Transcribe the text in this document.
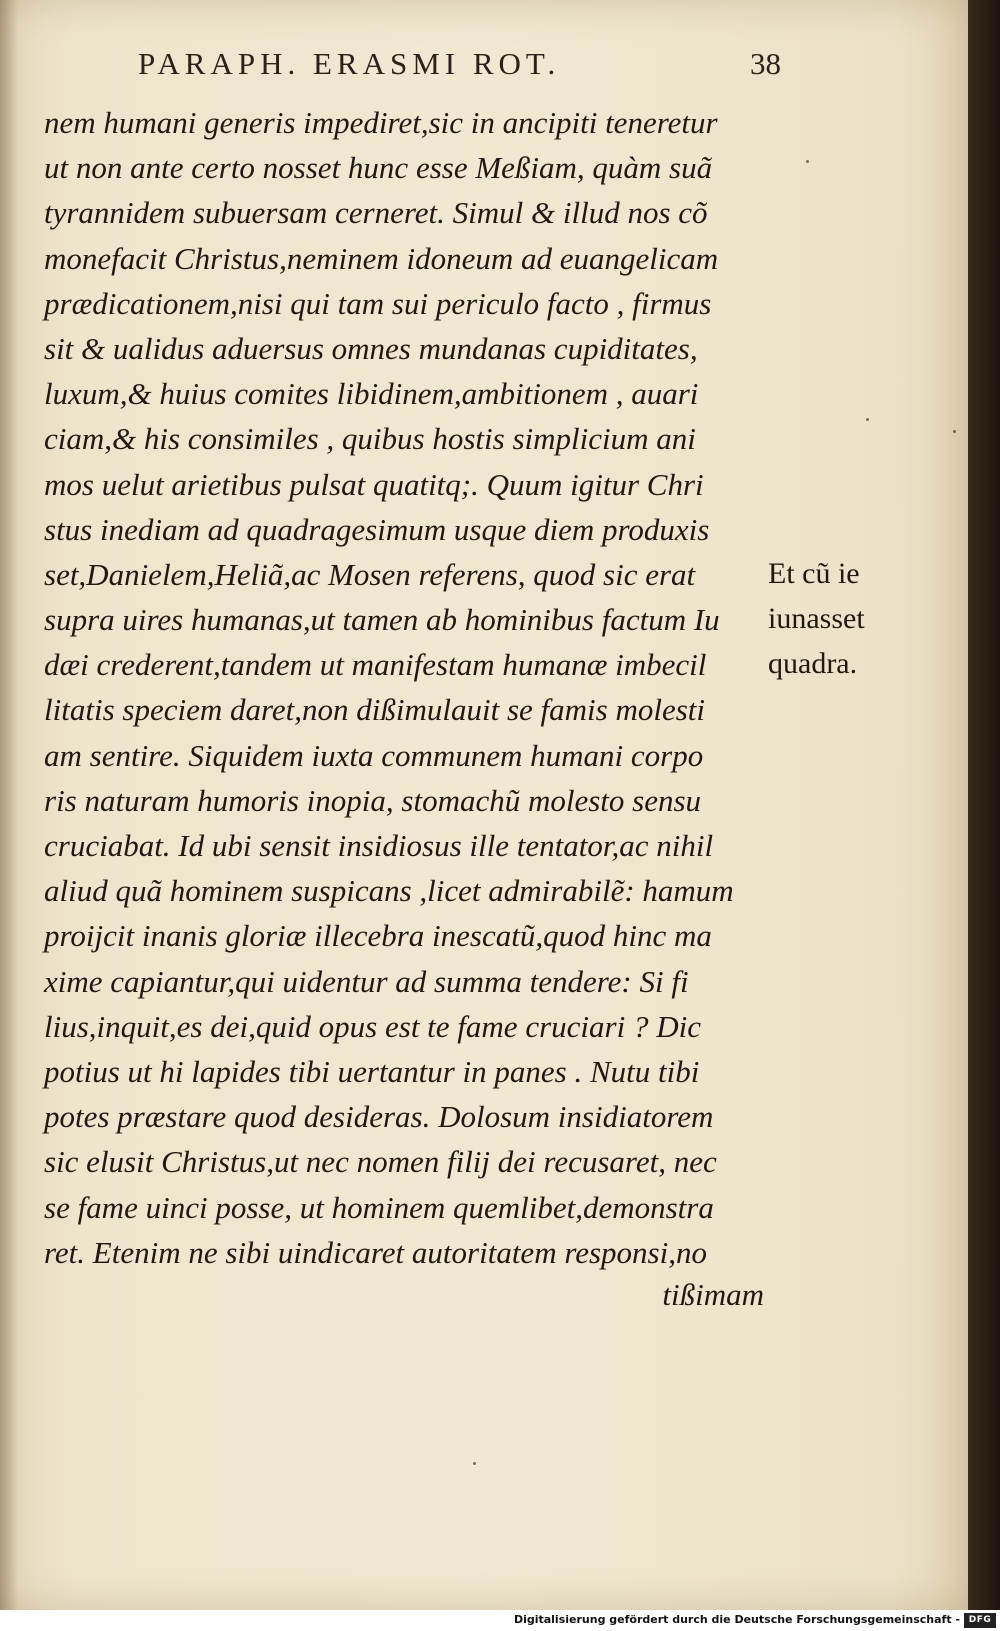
PARAPH. ERASMI ROT.	38
nem humani generis impediret,sic in ancipiti teneretur
ut non ante certo nosset hunc esse Meßiam, quàm suã
tyrannidem subuersam cerneret. Simul & illud nos cõ
monefacit Christus,neminem idoneum ad euangelicam
prædicationem,nisi qui tam sui periculo facto , firmus
sit & ualidus aduersus omnes mundanas cupiditates,
luxum,& huius comites libidinem,ambitionem , auari
ciam,& his consimiles , quibus hostis simplicium ani
mos uelut arietibus pulsat quatitq;. Quum igitur Chri
stus inediam ad quadragesimum usque diem produxis
set,Danielem,Heliã,ac Mosen referens, quod sic erat
supra uires humanas,ut tamen ab hominibus factum Iu
dæi crederent,tandem ut manifestam humanæ imbecil
litatis speciem daret,non dißimulauit se famis molesti
am sentire. Siquidem iuxta communem humani corpo
ris naturam humoris inopia, stomachũ molesto sensu
cruciabat. Id ubi sensit insidiosus ille tentator,ac nihil
aliud quã hominem suspicans ,licet admirabilẽ: hamum
proijcit inanis gloriæ illecebra inescatũ,quod hinc ma
xime capiantur,qui uidentur ad summa tendere: Si fi
lius,inquit,es dei,quid opus est te fame cruciari ? Dic
potius ut hi lapides tibi uertantur in panes . Nutu tibi
potes præstare quod desideras. Dolosum insidiatorem
sic elusit Christus,ut nec nomen filij dei recusaret, nec
se fame uinci posse, ut hominem quemlibet,demonstra
ret. Etenim ne sibi uindicaret autoritatem responsi,no
tißimam
Et cũ ie
iunasset
quadra.
Digitalisierung gefördert durch die Deutsche Forschungsgemeinschaft - DFG
